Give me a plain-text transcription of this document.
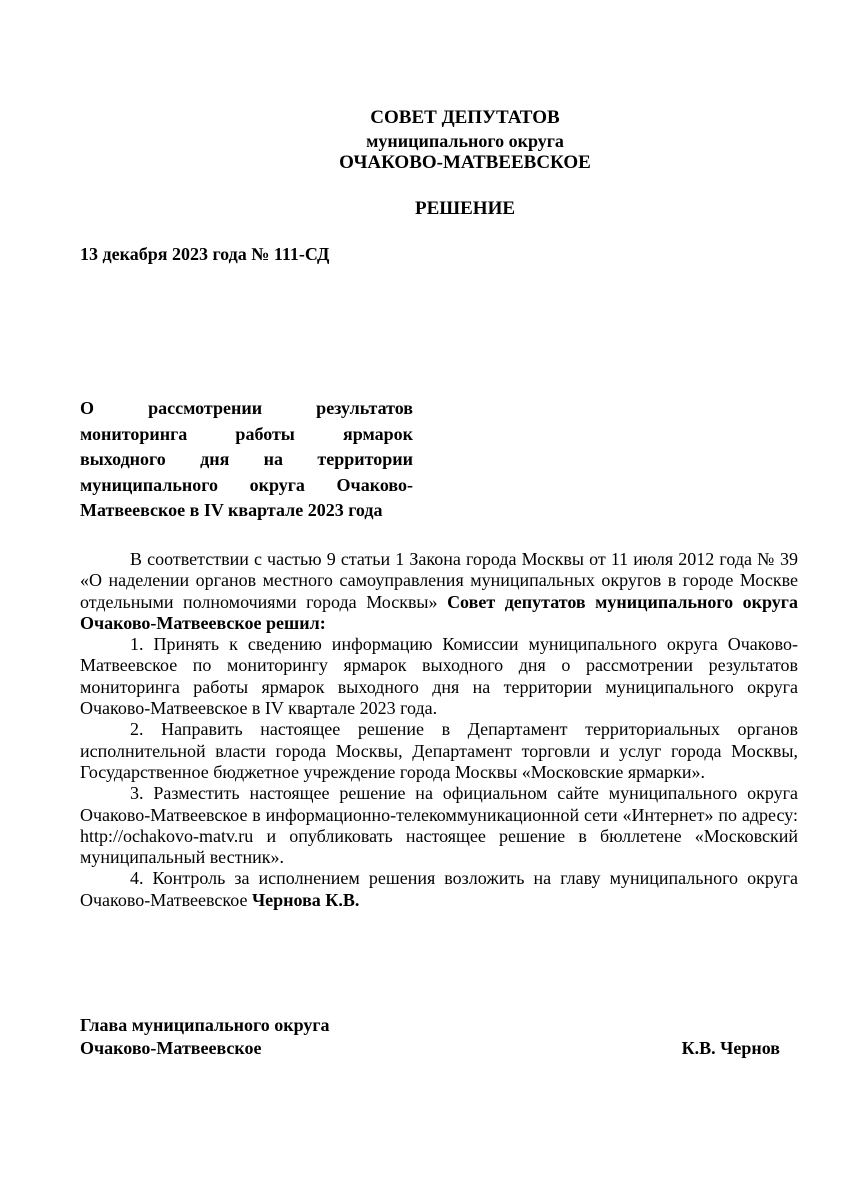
СОВЕТ ДЕПУТАТОВ
муниципального округа
ОЧАКОВО-МАТВЕЕВСКОЕ
РЕШЕНИЕ
13 декабря 2023 года № 111-СД
О рассмотрении результатов мониторинга работы ярмарок выходного дня на территории муниципального округа Очаково-Матвеевское в IV квартале 2023 года

В соответствии с частью 9 статьи 1 Закона города Москвы от 11 июля 2012 года № 39 «О наделении органов местного самоуправления муниципальных округов в городе Москве отдельными полномочиями города Москвы» Совет депутатов муниципального округа Очаково-Матвеевское решил:

1. Принять к сведению информацию Комиссии муниципального округа Очаково-Матвеевское по мониторингу ярмарок выходного дня о рассмотрении результатов мониторинга работы ярмарок выходного дня на территории муниципального округа Очаково-Матвеевское в IV квартале 2023 года.

2. Направить настоящее решение в Департамент территориальных органов исполнительной власти города Москвы, Департамент торговли и услуг города Москвы, Государственное бюджетное учреждение города Москвы «Московские ярмарки».

3. Разместить настоящее решение на официальном сайте муниципального округа Очаково-Матвеевское в информационно-телекоммуникационной сети «Интернет» по адресу: http://ochakovo-matv.ru и опубликовать настоящее решение в бюллетене «Московский муниципальный вестник».

4. Контроль за исполнением решения возложить на главу муниципального округа Очаково-Матвеевское Чернова К.В.

Глава муниципального округа
Очаково-Матвеевское	К.В. Чернов
